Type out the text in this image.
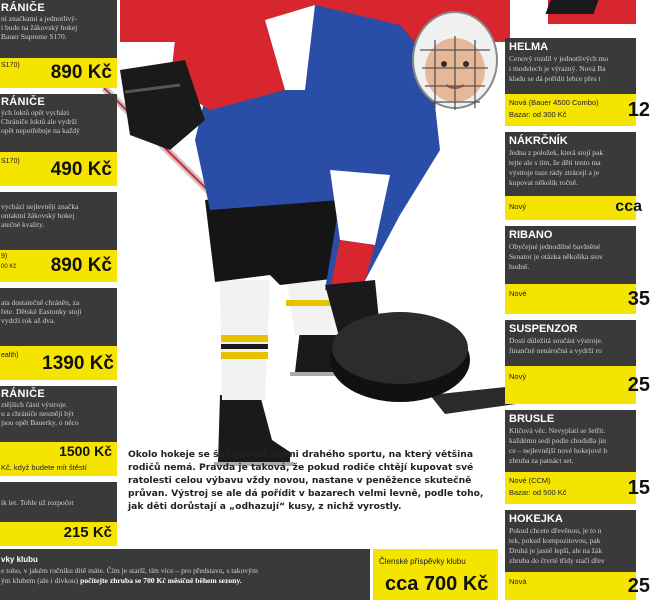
RÁNIČE
ní značkami a jednotlivý-
í bude na žákovský hokej
Bauer Supreme S170.
S170) 890 Kč
RÁNIČE
ých loktů opět vychází
Chrániče loktů ale vydrží
opět nepotřebuje na každý
S170) 490 Kč
vychází nejlevněji značka
ontaktní žákovský hokej
atečné kvality.
9)
00 Kč 890 Kč
ata dostatečně chráněn, za
řete. Dětské Eastonky stojí
vydrží rok až dva.
ealth) 1390 Kč
RÁNIČE
ztějších částí výstroje.
u a chrániče nesmějí být
jsou opět Bauerky, o něco
1500 Kč
Kč, když budete mít štěstí
ik let. Tohle už rozpočet
215 Kč
HELMA
Cenový rozdíl v jednotlivých mo
i modelech je výrazný. Nová Ba
kladu se dá pořídit lehce přes t
Nová (Bauer 4500 Combo)
Bazar: od 300 Kč	12
NÁKRČNÍK
Jedna z položek, která stojí pak
tejte ale s tím, že děti tento ma
výstroje tuze rády ztrácejí a je
kupovat několik ročně.
Nový	cca
RIBANO
Obyčejné jednodílné bavlněné
Senator je otázka několika stov
hodně.
Nové	35
SUSPENZOR
Dosti důležitá součást výstroje.
finančně nenáročná a vydrží ro
Nový	25
BRUSLE
Klíčová věc. Nevyplatí se šetřit.
každému sedí podle chodidla jin
ce – nejlevnější nové hokejové b
zhruba za patnáct set.
Nové (CCM)
Bazar: od 500 Kč	15
HOKEJKA
Pokud chcete dřevěnou, je to n
tek, pokud kompozitovou, pak
Druhá je jasně lepší, ale na žák
zhruba do čtvrté třídy stačí dřev
Nová	25
Okolo hokeje se šíří pověst velmi drahého sportu, na který většina rodičů nemá. Pravda je taková, že pokud rodiče chtějí kupovat své ratolesti celou výbavu vždy novou, nastane v peněžence skutečně průvan. Výstroj se ale dá pořídit v bazarech velmi levně, podle toho, jak děti dorůstají a „odhazují“ kusy, z nichž vyrostly.
vky klubu
e toho, v jakém ročníku dítě máte. Čím je starší, tím více – pro představu, s takovým
ým klubem (ale i divkou) počítejte zhruba se 700 Kč měsíčně během sezony.
Členské příspěvky klubu
cca 700 Kč
